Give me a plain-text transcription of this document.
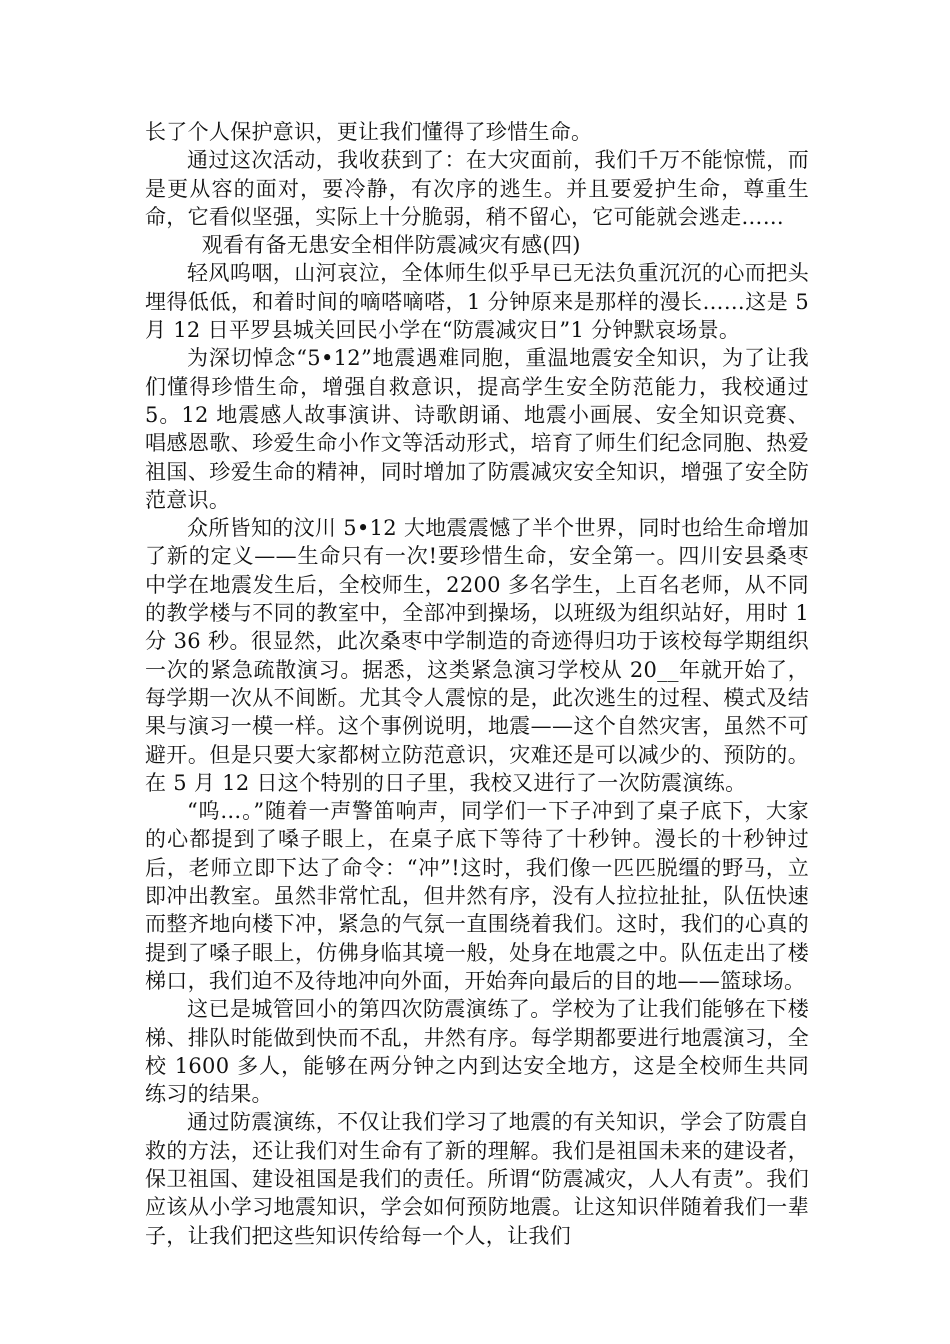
长了个人保护意识，更让我们懂得了珍惜生命。

通过这次活动，我收获到了：在大灾面前，我们千万不能惊慌，而是更从容的面对，要冷静，有次序的逃生。并且要爱护生命，尊重生命，它看似坚强，实际上十分脆弱，稍不留心，它可能就会逃走……

观看有备无患安全相伴防震减灾有感(四)

轻风呜咽，山河哀泣，全体师生似乎早已无法负重沉沉的心而把头埋得低低，和着时间的嘀嗒嘀嗒，1 分钟原来是那样的漫长……这是 5 月 12 日平罗县城关回民小学在“防震减灾日”1 分钟默哀场景。

为深切悼念“5•12”地震遇难同胞，重温地震安全知识，为了让我们懂得珍惜生命，增强自救意识，提高学生安全防范能力，我校通过 5。12 地震感人故事演讲、诗歌朗诵、地震小画展、安全知识竞赛、唱感恩歌、珍爱生命小作文等活动形式，培育了师生们纪念同胞、热爱祖国、珍爱生命的精神，同时增加了防震减灾安全知识，增强了安全防范意识。

众所皆知的汶川 5•12 大地震震憾了半个世界，同时也给生命增加了新的定义——生命只有一次!要珍惜生命，安全第一。四川安县桑枣中学在地震发生后，全校师生，2200 多名学生，上百名老师，从不同的教学楼与不同的教室中，全部冲到操场，以班级为组织站好，用时 1 分 36 秒。很显然，此次桑枣中学制造的奇迹得归功于该校每学期组织一次的紧急疏散演习。据悉，这类紧急演习学校从 20__年就开始了，每学期一次从不间断。尤其令人震惊的是，此次逃生的过程、模式及结果与演习一模一样。这个事例说明，地震——这个自然灾害，虽然不可避开。但是只要大家都树立防范意识，灾难还是可以减少的、预防的。在 5 月 12 日这个特别的日子里，我校又进行了一次防震演练。

“呜…。”随着一声警笛响声，同学们一下子冲到了桌子底下，大家的心都提到了嗓子眼上，在桌子底下等待了十秒钟。漫长的十秒钟过后，老师立即下达了命令：“冲”!这时，我们像一匹匹脱缰的野马，立即冲出教室。虽然非常忙乱，但井然有序，没有人拉拉扯扯，队伍快速而整齐地向楼下冲，紧急的气氛一直围绕着我们。这时，我们的心真的提到了嗓子眼上，仿佛身临其境一般，处身在地震之中。队伍走出了楼梯口，我们迫不及待地冲向外面，开始奔向最后的目的地——篮球场。

这已是城管回小的第四次防震演练了。学校为了让我们能够在下楼梯、排队时能做到快而不乱，井然有序。每学期都要进行地震演习，全校 1600 多人，能够在两分钟之内到达安全地方，这是全校师生共同练习的结果。

通过防震演练，不仅让我们学习了地震的有关知识，学会了防震自救的方法，还让我们对生命有了新的理解。我们是祖国未来的建设者，保卫祖国、建设祖国是我们的责任。所谓“防震减灾，人人有责”。我们应该从小学习地震知识，学会如何预防地震。让这知识伴随着我们一辈子，让我们把这些知识传给每一个人，让我们
